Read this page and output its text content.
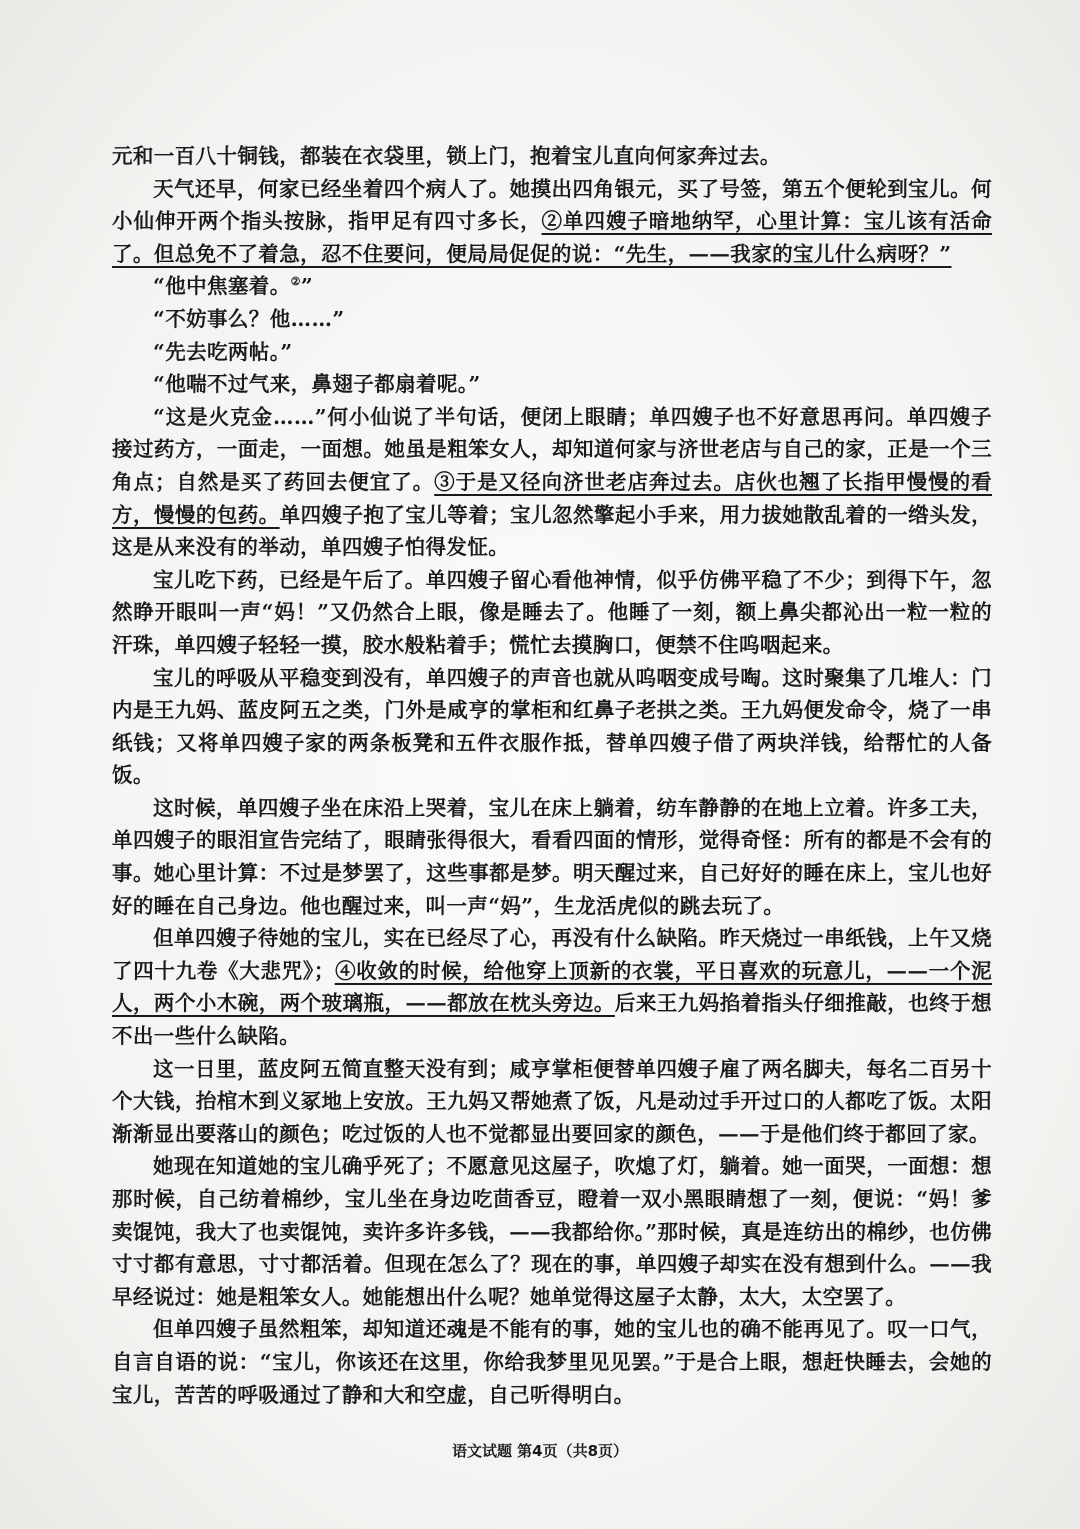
元和一百八十铜钱，都装在衣袋里，锁上门，抱着宝儿直向何家奔过去。

天气还早，何家已经坐着四个病人了。她摸出四角银元，买了号签，第五个便轮到宝儿。何小仙伸开两个指头按脉，指甲足有四寸多长，②单四嫂子暗地纳罕，心里计算：宝儿该有活命了。但总免不了着急，忍不住要问，便局局促促的说：“先生，——我家的宝儿什么病呀？”

“他中焦塞着。②”

“不妨事么？他……”

“先去吃两帖。”

“他喘不过气来，鼻翅子都扇着呢。”

“这是火克金……”何小仙说了半句话，便闭上眼睛；单四嫂子也不好意思再问。单四嫂子接过药方，一面走，一面想。她虽是粗笨女人，却知道何家与济世老店与自己的家，正是一个三角点；自然是买了药回去便宜了。③于是又径向济世老店奔过去。店伙也翘了长指甲慢慢的看方，慢慢的包药。单四嫂子抱了宝儿等着；宝儿忽然擎起小手来，用力拔她散乱着的一绺头发，这是从来没有的举动，单四嫂子怕得发怔。

宝儿吃下药，已经是午后了。单四嫂子留心看他神情，似乎仿佛平稳了不少；到得下午，忽然睁开眼叫一声“妈！”又仍然合上眼，像是睡去了。他睡了一刻，额上鼻尖都沁出一粒一粒的汗珠，单四嫂子轻轻一摸，胶水般粘着手；慌忙去摸胸口，便禁不住呜咽起来。

宝儿的呼吸从平稳变到没有，单四嫂子的声音也就从呜咽变成号啕。这时聚集了几堆人：门内是王九妈、蓝皮阿五之类，门外是咸亨的掌柜和红鼻子老拱之类。王九妈便发命令，烧了一串纸钱；又将单四嫂子家的两条板凳和五件衣服作抵，替单四嫂子借了两块洋钱，给帮忙的人备饭。

这时候，单四嫂子坐在床沿上哭着，宝儿在床上躺着，纺车静静的在地上立着。许多工夫，单四嫂子的眼泪宣告完结了，眼睛张得很大，看看四面的情形，觉得奇怪：所有的都是不会有的事。她心里计算：不过是梦罢了，这些事都是梦。明天醒过来，自己好好的睡在床上，宝儿也好好的睡在自己身边。他也醒过来，叫一声“妈”，生龙活虎似的跳去玩了。

但单四嫂子待她的宝儿，实在已经尽了心，再没有什么缺陷。昨天烧过一串纸钱，上午又烧了四十九卷《大悲咒》；④收敛的时候，给他穿上顶新的衣裳，平日喜欢的玩意儿，——一个泥人，两个小木碗，两个玻璃瓶，——都放在枕头旁边。后来王九妈掐着指头仔细推敲，也终于想不出一些什么缺陷。

这一日里，蓝皮阿五简直整天没有到；咸亨掌柜便替单四嫂子雇了两名脚夫，每名二百另十个大钱，抬棺木到义冢地上安放。王九妈又帮她煮了饭，凡是动过手开过口的人都吃了饭。太阳渐渐显出要落山的颜色；吃过饭的人也不觉都显出要回家的颜色，——于是他们终于都回了家。

她现在知道她的宝儿确乎死了；不愿意见这屋子，吹熄了灯，躺着。她一面哭，一面想：想那时候，自己纺着棉纱，宝儿坐在身边吃茴香豆，瞪着一双小黑眼睛想了一刻，便说：“妈！爹卖馄饨，我大了也卖馄饨，卖许多许多钱，——我都给你。”那时候，真是连纺出的棉纱，也仿佛寸寸都有意思，寸寸都活着。但现在怎么了？现在的事，单四嫂子却实在没有想到什么。——我早经说过：她是粗笨女人。她能想出什么呢？她单觉得这屋子太静，太大，太空罢了。

但单四嫂子虽然粗笨，却知道还魂是不能有的事，她的宝儿也的确不能再见了。叹一口气，自言自语的说：“宝儿，你该还在这里，你给我梦里见见罢。”于是合上眼，想赶快睡去，会她的宝儿，苦苦的呼吸通过了静和大和空虚，自己听得明白。

语文试题 第4页（共8页）
